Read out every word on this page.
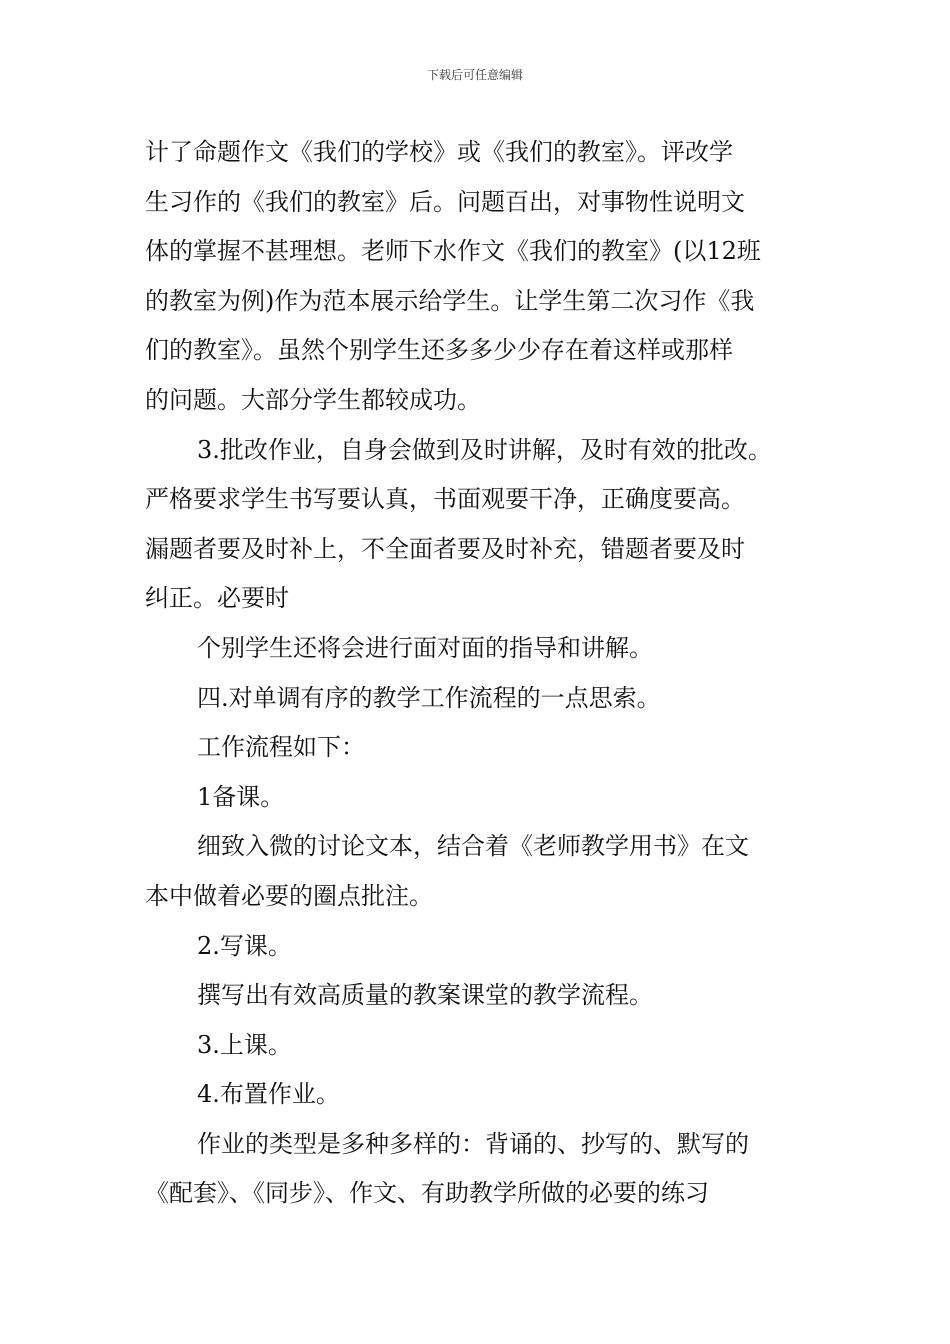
下载后可任意编辑

计了命题作文《我们的学校》或《我们的教室》。评改学

生习作的《我们的教室》后。问题百出，对事物性说明文

体的掌握不甚理想。老师下水作文《我们的教室》(以12班

的教室为例)作为范本展示给学生。让学生第二次习作《我

们的教室》。虽然个别学生还多多少少存在着这样或那样

的问题。大部分学生都较成功。

3.批改作业，自身会做到及时讲解，及时有效的批改。

严格要求学生书写要认真，书面观要干净，正确度要高。

漏题者要及时补上，不全面者要及时补充，错题者要及时

纠正。必要时

个别学生还将会进行面对面的指导和讲解。

四.对单调有序的教学工作流程的一点思索。

工作流程如下：

1备课。

细致入微的讨论文本，结合着《老师教学用书》在文

本中做着必要的圈点批注。

2.写课。

撰写出有效高质量的教案课堂的教学流程。

3.上课。

4.布置作业。

作业的类型是多种多样的：背诵的、抄写的、默写的

《配套》、《同步》、作文、有助教学所做的必要的练习
